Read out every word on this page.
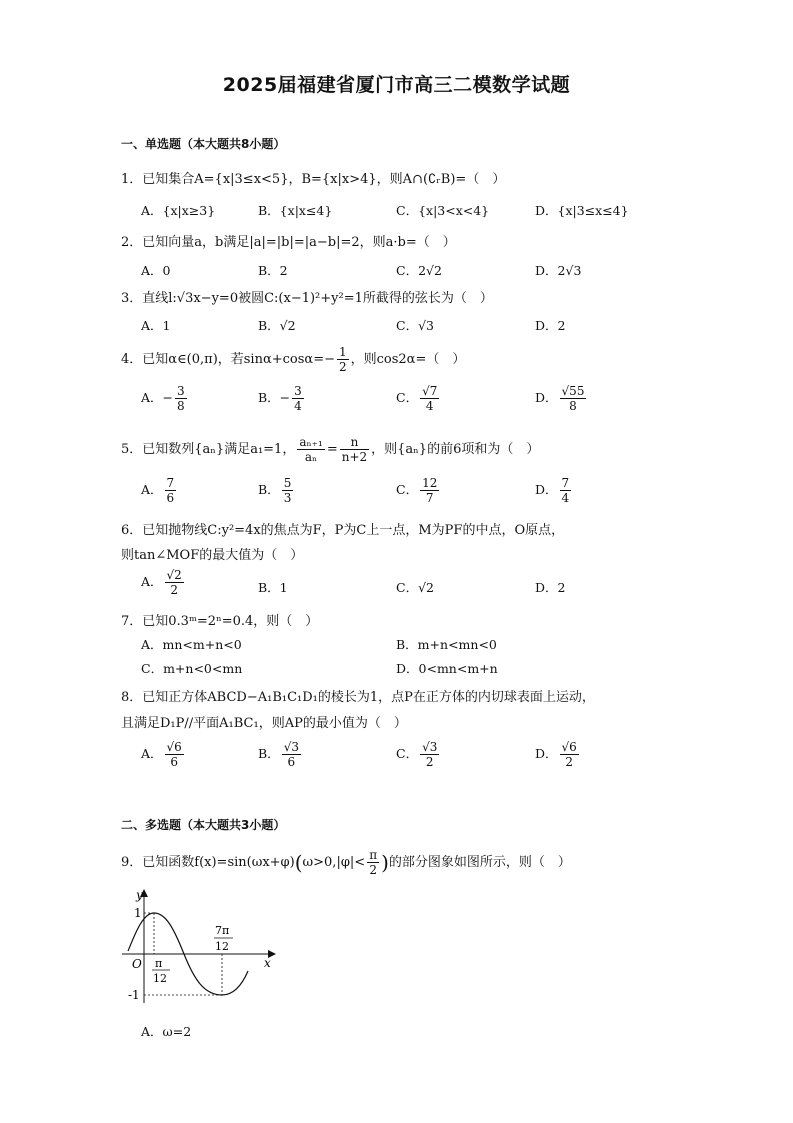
2025届福建省厦门市高三二模数学试题
一、单选题（本大题共8小题）
1．已知集合A={x|3≤x<5}，B={x|x>4}，则A∩(∁ᵣB)=（　）
A．{x|x≥3}	B．{x|x≤4}	C．{x|3<x<4}	D．{x|3≤x≤4}
2．已知向量a，b满足|a|=|b|=|a−b|=2，则a·b=（　）
A．0	B．2	C．2√2	D．2√3
3．直线l:√3x−y=0被圆C:(x−1)²+y²=1所截得的弦长为（　）
A．1	B．√2	C．√3	D．2
4．已知α∈(0,π)，若$\sin\alpha+\cos\alpha=- \frac{1}{2}$ ，则cos2α=（　）
A．− $\frac{3}{8}$	B．− $\frac{3}{4}$	C． $\frac{√7}{4}$	D． $\frac{√55}{8}$
5．已知数列{aₙ}满足a₁=1， $\frac{\text{aₙ₊₁}}{\text{aₙ}} = \frac{n}{n+2}$ ，则{aₙ}的前6项和为（　）
A． $\frac{7}{6}$	B． $\frac{5}{3}$	C． $\frac{12}{7}$	D． $\frac{7}{4}$
6．已知抛物线C:y²=4x的焦点为F，P为C上一点，M为PF的中点，O原点，
则tan∠MOF的最大值为（　）
A． $\frac{√2}{2}$	B．1	C．√2	D．2
7．已知0.3ᵐ=2ⁿ=0.4，则（　）
A．mn<m+n<0	B．m+n<mn<0
C．m+n<0<mn	D．0<mn<m+n
8．已知正方体ABCD−A₁B₁C₁D₁的棱长为1，点P在正方体的内切球表面上运动，
且满足D₁P//平面A₁BC₁，则AP的最小值为（　）
A． $\frac{√6}{6}$	B． $\frac{√3}{6}$	C． $\frac{√3}{2}$	D． $\frac{√6}{2}$
二、多选题（本大题共3小题）
9．已知函数$f(x)=\sin(\omega x+\varphi)(\omega>0,|\varphi|< \frac{\pi}{2}$ )的部分图象如图所示，则（　）
y
x
O
1
-1
π
12
7π
12
A．ω=2
